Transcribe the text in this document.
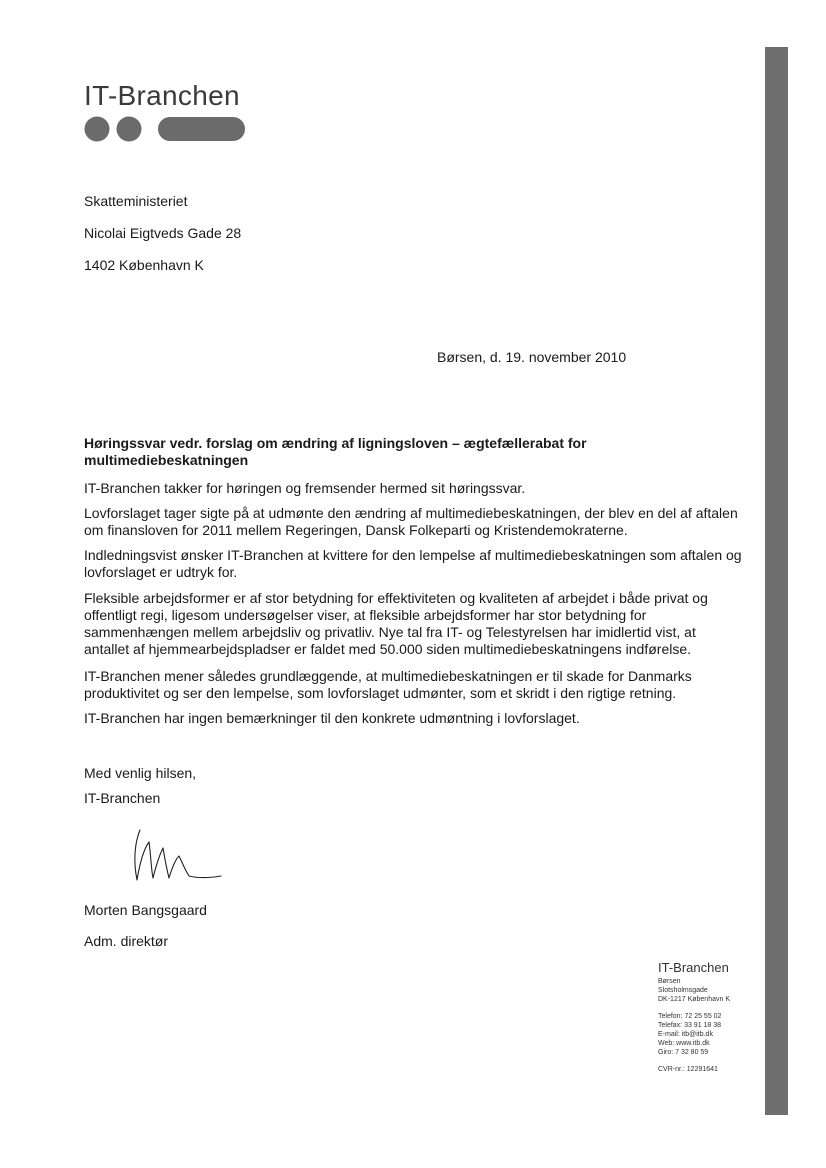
IT-Branchen
Skatteministeriet
Nicolai Eigtveds Gade 28
1402 København K
Børsen, d. 19. november 2010
Høringssvar vedr. forslag om ændring af ligningsloven – ægtefællerabat for multimediebeskatningen
IT-Branchen takker for høringen og fremsender hermed sit høringssvar.
Lovforslaget tager sigte på at udmønte den ændring af multimediebeskatningen, der blev en del af aftalen om finansloven for 2011 mellem Regeringen, Dansk Folkeparti og Kristendemokraterne.
Indledningsvist ønsker IT-Branchen at kvittere for den lempelse af multimediebeskatningen som aftalen og lovforslaget er udtryk for.
Fleksible arbejdsformer er af stor betydning for effektiviteten og kvaliteten af arbejdet i både privat og offentligt regi, ligesom undersøgelser viser, at fleksible arbejdsformer har stor betydning for sammenhængen mellem arbejdsliv og privatliv. Nye tal fra IT- og Telestyrelsen har imidlertid vist, at antallet af hjemmearbejdspladser er faldet med 50.000 siden multimediebeskatningens indførelse.
IT-Branchen mener således grundlæggende, at multimediebeskatningen er til skade for Danmarks produktivitet og ser den lempelse, som lovforslaget udmønter, som et skridt i den rigtige retning.
IT-Branchen har ingen bemærkninger til den konkrete udmøntning i lovforslaget.
Med venlig hilsen,
IT-Branchen
Morten Bangsgaard
Adm. direktør
IT-Branchen
Børsen
Slotsholmsgade
DK-1217 København K
Telefon: 72 25 55 02
Telefax: 33 91 18 38
E-mail: itb@itb.dk
Web: www.itb.dk
Giro: 7 32 80 59
CVR-nr.: 12291641
